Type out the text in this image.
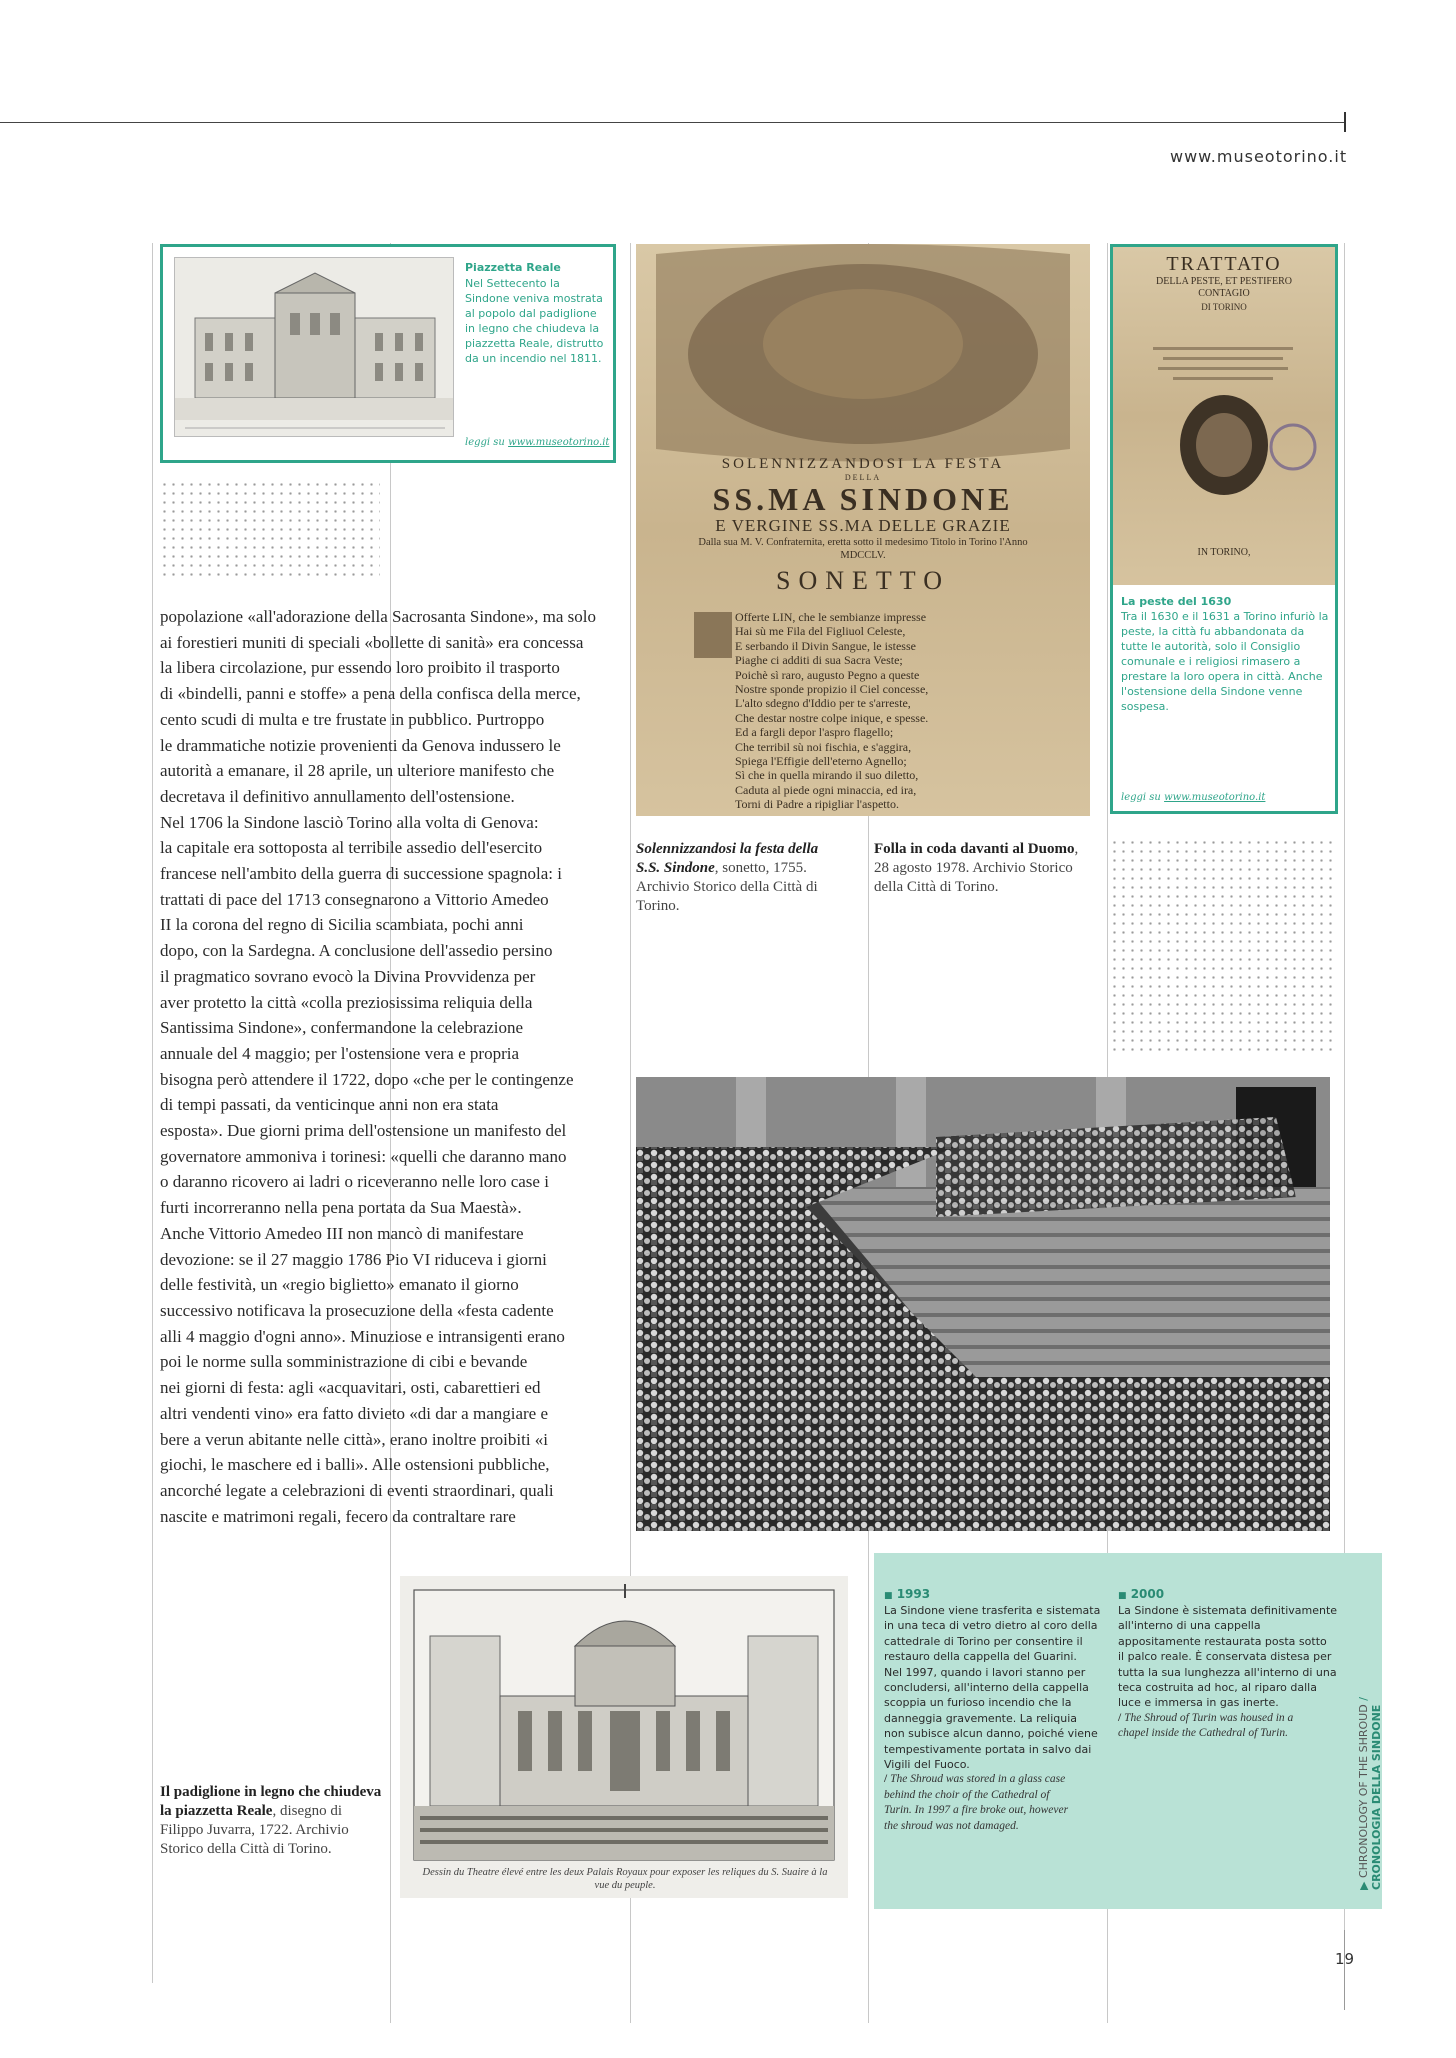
www.museotorino.it
Piazzetta Reale
Nel Settecento la Sindone veniva mostrata al popolo dal padiglione in legno che chiudeva la piazzetta Reale, distrutto da un incendio nel 1811.
leggi su www.museotorino.it
SOLENNIZZANDOSI LA FESTA
DELLA
SS.MA SINDONE
E VERGINE SS.MA DELLE GRAZIE
Dalla sua M. V. Confraternita, eretta sotto il medesimo Titolo in Torino l'Anno MDCCLV.
SONETTO
Offerte LIN, che le sembianze impresse
Hai sù me Fila del Figliuol Celeste,
E serbando il Divin Sangue, le istesse
Piaghe ci additi di sua Sacra Veste;
Poichè sì raro, augusto Pegno a queste
Nostre sponde propizio il Ciel concesse,
L'alto sdegno d'Iddio per te s'arreste,
Che destar nostre colpe inique, e spesse.
Ed a fargli depor l'aspro flagello;
Che terribil sù noi fischia, e s'aggira,
Spiega l'Effigie dell'eterno Agnello;
Sì che in quella mirando il suo diletto,
Caduta al piede ogni minaccia, ed ira,
Torni di Padre a ripigliar l'aspetto.
TRATTATO
DELLA PESTE, ET PESTIFERO CONTAGIO
DI TORINO
IN TORINO,
La peste del 1630
Tra il 1630 e il 1631 a Torino infuriò la peste, la città fu abbandonata da tutte le autorità, solo il Consiglio comunale e i religiosi rimasero a prestare la loro opera in città. Anche l'ostensione della Sindone venne sospesa.
leggi su www.museotorino.it
popolazione «all'adorazione della Sacrosanta Sindone», ma solo
ai forestieri muniti di speciali «bollette di sanità» era concessa
la libera circolazione, pur essendo loro proibito il trasporto
di «bindelli, panni e stoffe» a pena della confisca della merce,
cento scudi di multa e tre frustate in pubblico. Purtroppo
le drammatiche notizie provenienti da Genova indussero le
autorità a emanare, il 28 aprile, un ulteriore manifesto che
decretava il definitivo annullamento dell'ostensione.
Nel 1706 la Sindone lasciò Torino alla volta di Genova:
la capitale era sottoposta al terribile assedio dell'esercito
francese nell'ambito della guerra di successione spagnola: i
trattati di pace del 1713 consegnarono a Vittorio Amedeo
II la corona del regno di Sicilia scambiata, pochi anni
dopo, con la Sardegna. A conclusione dell'assedio persino
il pragmatico sovrano evocò la Divina Provvidenza per
aver protetto la città «colla preziosissima reliquia della
Santissima Sindone», confermandone la celebrazione
annuale del 4 maggio; per l'ostensione vera e propria
bisogna però attendere il 1722, dopo «che per le contingenze
di tempi passati, da venticinque anni non era stata
esposta». Due giorni prima dell'ostensione un manifesto del
governatore ammoniva i torinesi: «quelli che daranno mano
o daranno ricovero ai ladri o riceveranno nelle loro case i
furti incorreranno nella pena portata da Sua Maestà».
Anche Vittorio Amedeo III non mancò di manifestare
devozione: se il 27 maggio 1786 Pio VI riduceva i giorni
delle festività, un «regio biglietto» emanato il giorno
successivo notificava la prosecuzione della «festa cadente
alli 4 maggio d'ogni anno». Minuziose e intransigenti erano
poi le norme sulla somministrazione di cibi e bevande
nei giorni di festa: agli «acquavitari, osti, cabarettieri ed
altri vendenti vino» era fatto divieto «di dar a mangiare e
bere a verun abitante nelle città», erano inoltre proibiti «i
giochi, le maschere ed i balli». Alle ostensioni pubbliche,
ancorché legate a celebrazioni di eventi straordinari, quali
nascite e matrimoni regali, fecero da contraltare rare
Solennizzandosi la festa della S.S. Sindone, sonetto, 1755. Archivio Storico della Città di Torino.
Folla in coda davanti al Duomo, 28 agosto 1978. Archivio Storico della Città di Torino.
Dessin du Theatre élevé entre les deux Palais Royaux pour exposer les reliques du S. Suaire à la vue du peuple.
Il padiglione in legno che chiudeva la piazzetta Reale, disegno di Filippo Juvarra, 1722. Archivio Storico della Città di Torino.
■ 1993
La Sindone viene trasferita e sistemata
in una teca di vetro dietro al coro della
cattedrale di Torino per consentire il
restauro della cappella del Guarini.
Nel 1997, quando i lavori stanno per
concludersi, all'interno della cappella
scoppia un furioso incendio che la
danneggia gravemente. La reliquia
non subisce alcun danno, poiché viene
tempestivamente portata in salvo dai
Vigili del Fuoco.
/ The Shroud was stored in a glass case
behind the choir of the Cathedral of
Turin. In 1997 a fire broke out, however
the shroud was not damaged.
■ 2000
La Sindone è sistemata definitivamente
all'interno di una cappella
appositamente restaurata posta sotto
il palco reale. È conservata distesa per
tutta la sua lunghezza all'interno di una
teca costruita ad hoc, al riparo dalla
luce e immersa in gas inerte.
/ The Shroud of Turin was housed in a
chapel inside the Cathedral of Turin.
▶ CHRONOLOGY OF THE SHROUD /
CRONOLOGIA DELLA SINDONE
19
